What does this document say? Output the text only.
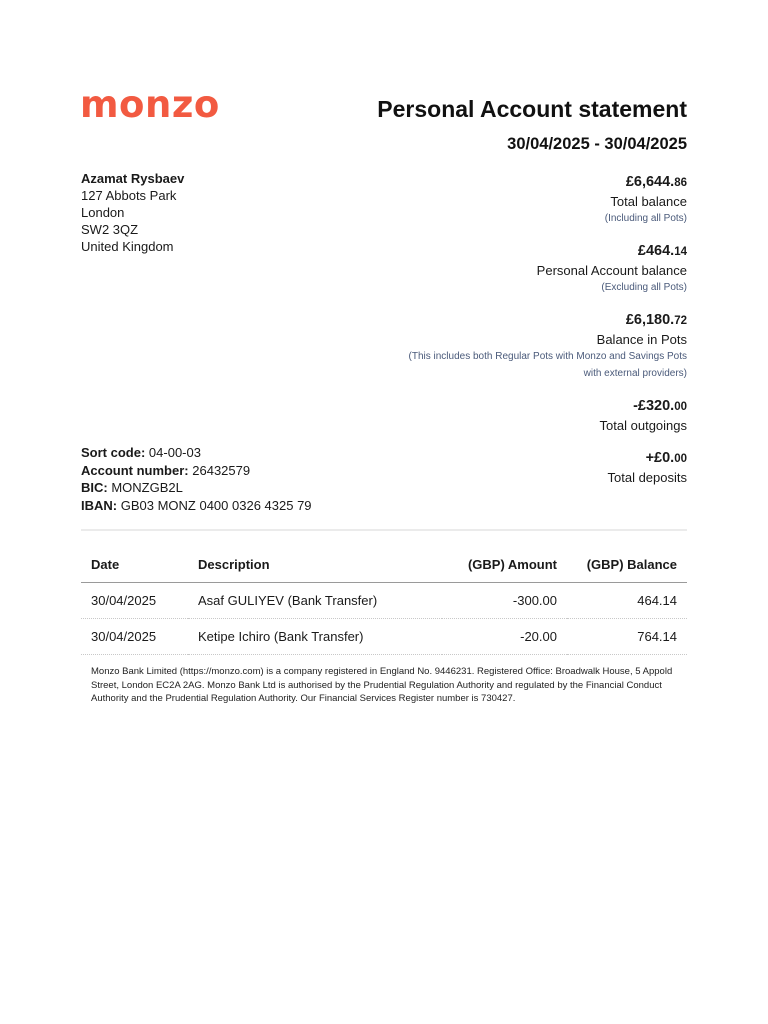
monzo	Personal Account statement
30/04/2025 - 30/04/2025
Azamat Rysbaev
127 Abbots Park
London
SW2 3QZ
United Kingdom
£6,644.86
Total balance
(Including all Pots)
£464.14
Personal Account balance
(Excluding all Pots)
£6,180.72
Balance in Pots
(This includes both Regular Pots with Monzo and Savings Pots
with external providers)
-£320.00
Total outgoings
+£0.00
Total deposits
Sort code: 04-00-03
Account number: 26432579
BIC: MONZGB2L
IBAN: GB03 MONZ 0400 0326 4325 79
Date	Description	(GBP) Amount	(GBP) Balance
30/04/2025	Asaf GULIYEV (Bank Transfer)	-300.00	464.14
30/04/2025	Ketipe Ichiro (Bank Transfer)	-20.00	764.14
Monzo Bank Limited (https://monzo.com) is a company registered in England No. 9446231. Registered Office: Broadwalk House, 5 Appold Street, London EC2A 2AG. Monzo Bank Ltd is authorised by the Prudential Regulation Authority and regulated by the Financial Conduct Authority and the Prudential Regulation Authority. Our Financial Services Register number is 730427.
